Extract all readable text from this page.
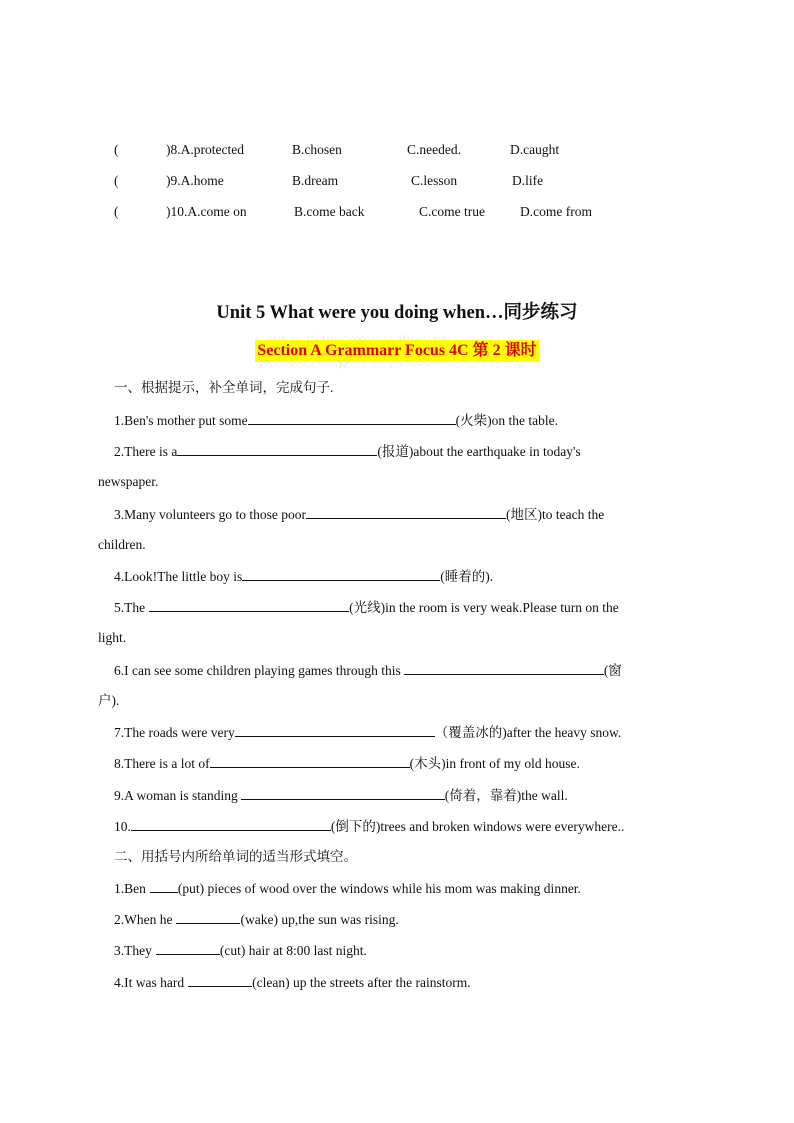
(	)8.A.protected	B.chosen	C.needed.	D.caught
(	)9.A.home	B.dream	C.lesson	D.life
(	)10.A.come on	B.come back	C.come true	D.come from
Unit 5 What were you doing when…同步练习
Section A Grammarr Focus 4C 第 2 课时
一、根据提示，补全单词，完成句子.
1.Ben's mother put some	(火柴)on the table.
2.There is a	(报道)about the earthquake in today's
newspaper.
3.Many volunteers go to those poor	(地区)to teach the
children.
4.Look!The little boy is	(睡着的).
5.The	(光线)in the room is very weak.Please turn on the
light.
6.I can see some children playing games through this	(窗
户).
7.The roads were very	（覆盖冰的)after the heavy snow.
8.There is a lot of	(木头)in front of my old house.
9.A woman is standing	(倚着，靠着)the wall.
10.	(倒下的)trees and broken windows were everywhere..
二、用括号内所给单词的适当形式填空。
1.Ben (put) pieces of wood over the windows while his mom was making dinner.
2.When he	(wake) up,the sun was rising.
3.They	(cut) hair at 8:00 last night.
4.It was hard	(clean) up the streets after the rainstorm.
